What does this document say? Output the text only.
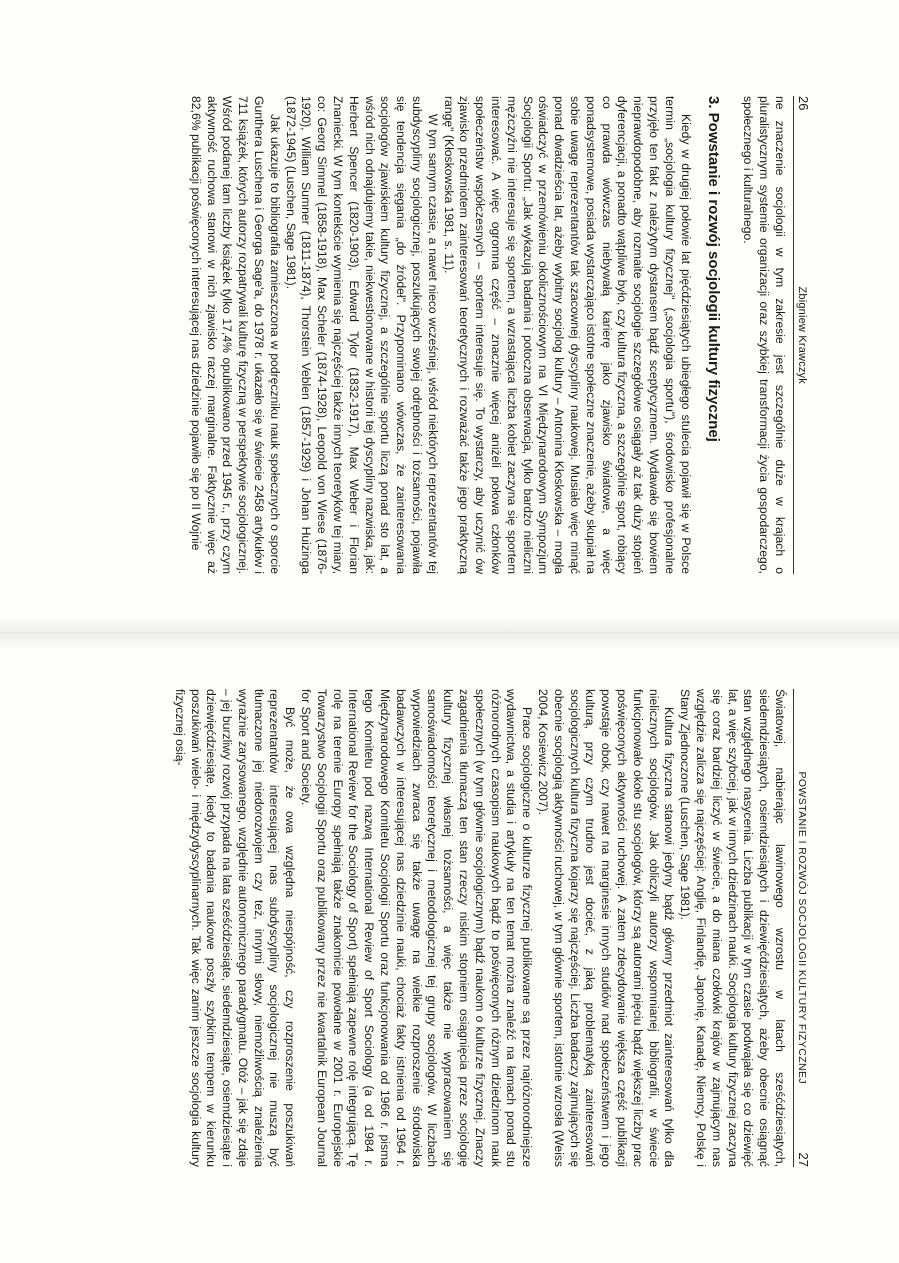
26
Zbigniew Krawczyk

ne znaczenie socjologii w tym zakresie jest szczególnie duże w krajach o pluralistycznym systemie organizacji oraz szybkiej transformacji życia gospodarczego, społecznego i kulturalnego.

3. Powstanie i rozwój socjologii kultury fizycznej

Kiedy w drugiej połowie lat pięćdziesiątych ubiegłego stulecia pojawił się w Polsce termin „socjologia kultury fizycznej" („socjologia sportu"), środowisko profesjonalne przyjęło ten fakt z należytym dystansem bądź sceptycyzmem. Wydawało się bowiem nieprawdopodobne, aby rozmaite socjologie szczegółowe osiągały aż tak duży stopień dyferencjacji, a ponadto wątpliwe było, czy kultura fizyczna, a szczególnie sport, robiący co prawda wówczas niebywałą karierę jako zjawisko światowe, a więc ponadsystemowe, posiada wystarczająco istotne społeczne znaczenie, ażeby skupiał na sobie uwagę reprezentantów tak szacownej dyscypliny naukowej. Musiało więc minąć ponad dwadzieścia lat, ażeby wybitny socjolog kultury – Antonina Kłoskowska – mogła oświadczyć w przemówieniu okolicznościowym na VI Międzynarodowym Sympozjum Socjologii Sportu: „Jak wykazują badania i potoczna obserwacja, tylko bardzo nieliczni mężczyźni nie interesuje się sportem, a wzrastająca liczba kobiet zaczyna się sportem interesować. A więc ogromna część – znacznie więcej aniżeli połowa członków społeczeństw współczesnych – sportem interesuje się. To wystarczy, aby uczynić ów zjawisko przedmiotem zainteresowań teoretycznych i rozważać także jego praktyczną rangę" (Kłoskowska 1981, s. 11).

W tym samym czasie, a nawet nieco wcześniej, wśród niektórych reprezentantów tej subdyscypliny socjologicznej, poszukujących swojej odrębności i tożsamości, pojawiła się tendencja sięgania „do źródeł". Przypominano wówczas, że zainteresowania socjologów zjawiskiem kultury fizycznej, a szczególnie sportu liczą ponad sto lat, a wśród nich odnajdujemy takie, niekwestionowane w historii tej dyscypliny nazwiska, jak: Herbert Spencer (1820-1903), Edward Tylor (1832-1917), Max Weber i Florian Znaniecki. W tym kontekście wymienia się najczęściej także innych teoretyków tej miary, co: Georg Simmel (1858-1918), Max Scheler (1874-1928), Leopold von Wiese (1876-1920), William Sumner (1811-1874), Thorstein Veblen (1857-1929) i Johan Huizinga (1872-1945) (Luschen, Sage 1981).

Jak ukazuje to bibliografia zamieszczona w podręczniku nauk społecznych o sporcie Gunthera Luschena i Georga Sage'a, do 1978 r. ukazało się w świecie 2458 artykułów i 711 książek, których autorzy rozpatrywali kulturę fizyczną w perspektywie socjologicznej. Wśród podanej tam liczby książek tylko 17,4% opublikowano przed 1945 r., przy czym aktywność ruchowa stanowi w nich zjawisko raczej marginalne. Faktycznie więc aż 82,6% publikacji poświęconych interesującej nas dziedzinie pojawiło się po II Wojnie

POWSTANIE I ROZWÓJ SOCJOLOGII KULTURY FIZYCZNEJ
27

Światowej, nabierając lawinowego wzrostu w latach sześćdziesiątych, siedemdziesiątych, osiemdziesiątych i dziewięćdziesiątych, ażeby obecnie osiągnąć stan względnego nasycenia. Liczba publikacji w tym czasie podwajała się co dziewięć lat, a więc szybciej, jak w innych dziedzinach nauki. Socjologia kultury fizycznej zaczyna się coraz bardziej liczyć w świecie, a do miana czołówki krajów w zajmującym nas względzie zalicza się najczęściej: Anglię, Finlandię, Japonię, Kanadę, Niemcy, Polskę i Stany Zjednoczone (Luschen, Sage 1981).

Kultura fizyczna stanowi jedyny bądź główny przedmiot zainteresowań tylko dla nielicznych socjologów. Jak obliczyli autorzy wspomnianej bibliografii, w świecie funkcjonowało około stu socjologów, którzy są autorami pięciu bądź większej liczby prac poświęconych aktywności ruchowej. A zatem zdecydowanie większa część publikacji powstaje obok, czy nawet na marginesie innych studiów nad społeczeństwem i jego kulturą, przy czym trudno jest docieć, z jaką problematyką zainteresowań socjologicznych kultura fizyczna kojarzy się najczęściej. Liczba badaczy zajmujących się obecnie socjologią aktywności ruchowej, w tym głównie sportem, istotnie wzrosła (Weiss 2004, Kosiewicz 2007).

Prace socjologiczne o kulturze fizycznej publikowane są przez najróżnorodniejsze wydawnictwa, a studia i artykuły na ten temat można znaleźć na łamach ponad stu różnorodnych czasopism naukowych bądź to poświęconych różnym dziedzinom nauk społecznych (w tym głównie socjologicznym) bądź naukom o kulturze fizycznej. Znaczy zagadnienia tłumaczą ten stan rzeczy niskim stopniem osiągnięcia przez socjologię kultury fizycznej własnej tożsamości, a więc także nie wypracowaniem się samoświadomości teoretycznej i metodologicznej tej grupy socjologów. W liczbach wypowiedziach zwraca się także uwagę na wielkie rozproszenie środowiska badawczych w interesującej nas dziedzinie nauki, chociaż fakty istnienia od 1964 r. Międzynarodowego Komitetu Socjologii Sportu oraz funkcjonowania od 1966 r. pisma tego Komitetu pod nazwą International Review of Sport Sociology (a od 1984 r. International Review for the Sociology of Sport) spełniają zapewne rolę integrującą. Tę rolę na terenie Europy spełniają także znakomicie powołane w 2001 r. Europejskie Towarzystwo Socjologii Sportu oraz publikowany przez nie kwartalnik European Journal for Sport and Society.

Być może, że owa względna niespójność, czy rozproszenie poszukiwań reprezentantów interesującej nas subdyscypliny socjologicznej nie muszą być tłumaczone jej niedorozwojem czy też, innymi słowy, niemożliwością znalezienia wyrażnie zarysowanego, względnie autonomicznego paradygmatu. Otóż – jak się zdaje – jej burzliwy rozwój przypada na lata sześćdziesiąte, siedemdziesiąte, osiemdziesiąte i dziewięćdziesiąte, kiedy to badania naukowe poszły szybkim tempem w kierunku poszukiwań wielo- i międzydyscyplinarnych. Tak więc zanim jeszcze socjologia kultury fizycznej osią-
